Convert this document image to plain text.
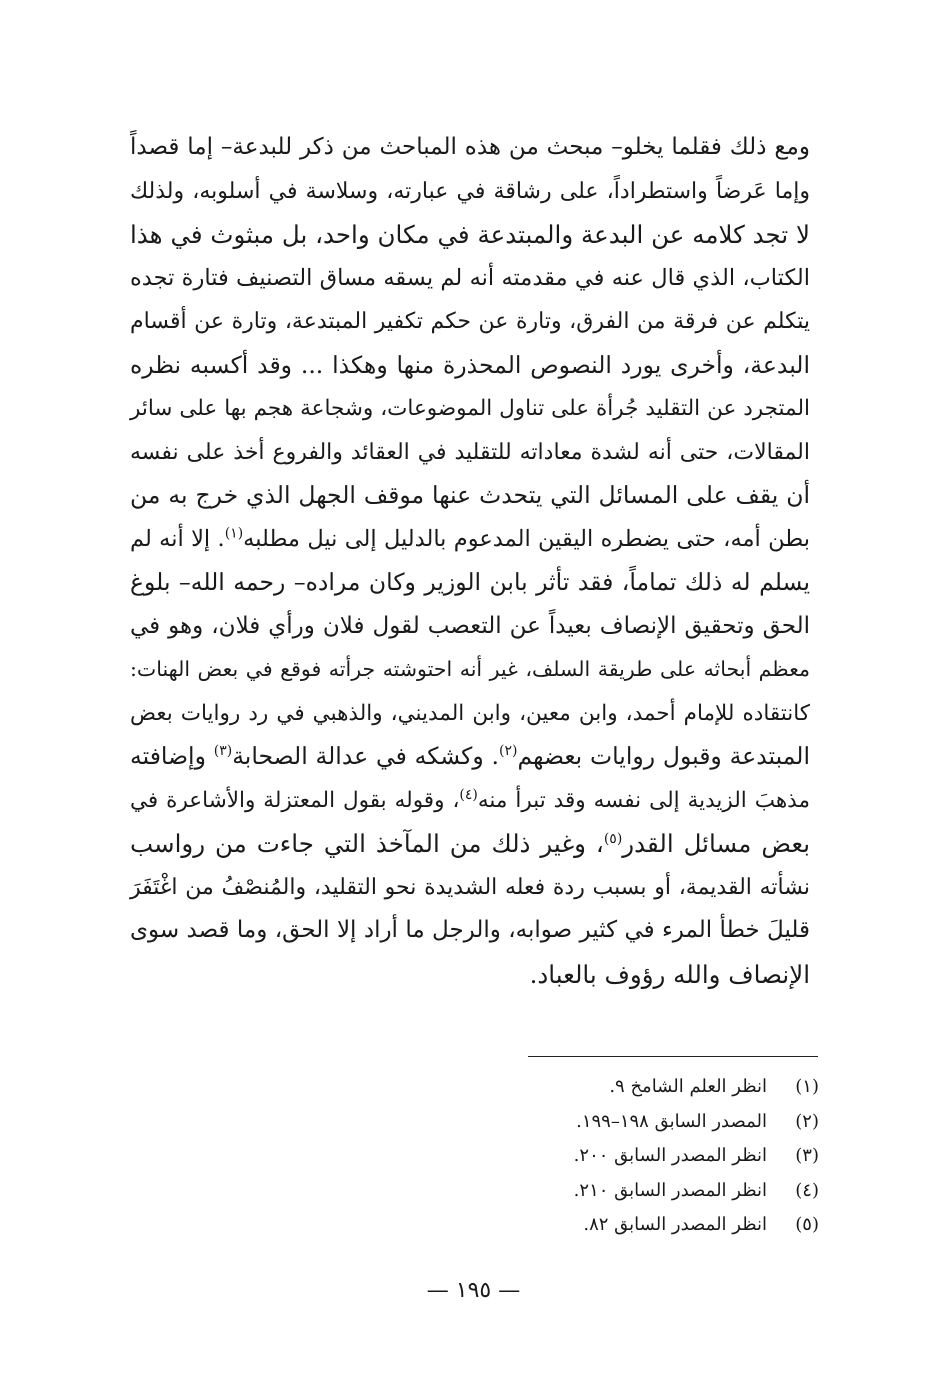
ومع ذلك فقلما يخلو– مبحث من هذه المباحث من ذكر للبدعة– إما قصداً
وإما عَرضاً واستطراداً، على رشاقة في عبارته، وسلاسة في أسلوبه، ولذلك
لا تجد كلامه عن البدعة والمبتدعة في مكان واحد، بل مبثوث في هذا
الكتاب، الذي قال عنه في مقدمته أنه لم يسقه مساق التصنيف فتارة تجده
يتكلم عن فرقة من الفرق، وتارة عن حكم تكفير المبتدعة، وتارة عن أقسام
البدعة، وأخرى يورد النصوص المحذرة منها وهكذا ... وقد أكسبه نظره
المتجرد عن التقليد جُرأة على تناول الموضوعات، وشجاعة هجم بها على سائر
المقالات، حتى أنه لشدة معاداته للتقليد في العقائد والفروع أخذ على نفسه
أن يقف على المسائل التي يتحدث عنها موقف الجهل الذي خرج به من
بطن أمه، حتى يضطره اليقين المدعوم بالدليل إلى نيل مطلبه$^{(١)}$. إلا أنه لم
يسلم له ذلك تماماً، فقد تأثر بابن الوزير وكان مراده– رحمه الله– بلوغ
الحق وتحقيق الإنصاف بعيداً عن التعصب لقول فلان ورأي فلان، وهو في
معظم أبحاثه على طريقة السلف، غير أنه احتوشته جرأته فوقع في بعض الهنات:
كانتقاده للإمام أحمد، وابن معين، وابن المديني، والذهبي في رد روايات بعض
المبتدعة وقبول روايات بعضهم$^{(٢)}$. وكشكه في عدالة الصحابة$^{(٣)}$ وإضافته
مذهبَ الزيدية إلى نفسه وقد تبرأ منه$^{(٤)}$، وقوله بقول المعتزلة والأشاعرة في
بعض مسائل القدر$^{(٥)}$، وغير ذلك من المآخذ التي جاءت من رواسب
نشأته القديمة، أو بسبب ردة فعله الشديدة نحو التقليد، والمُنصْفُ من اغْتَفَرَ
قليلَ خطأ المرء في كثير صوابه، والرجل ما أراد إلا الحق، وما قصد سوى
الإنصاف والله رؤوف بالعباد.
(١)انظر العلم الشامخ ٩.
(٢)المصدر السابق ١٩٨–١٩٩.
(٣)انظر المصدر السابق ٢٠٠.
(٤)انظر المصدر السابق ٢١٠.
(٥)انظر المصدر السابق ٨٢.
— ١٩٥ —
